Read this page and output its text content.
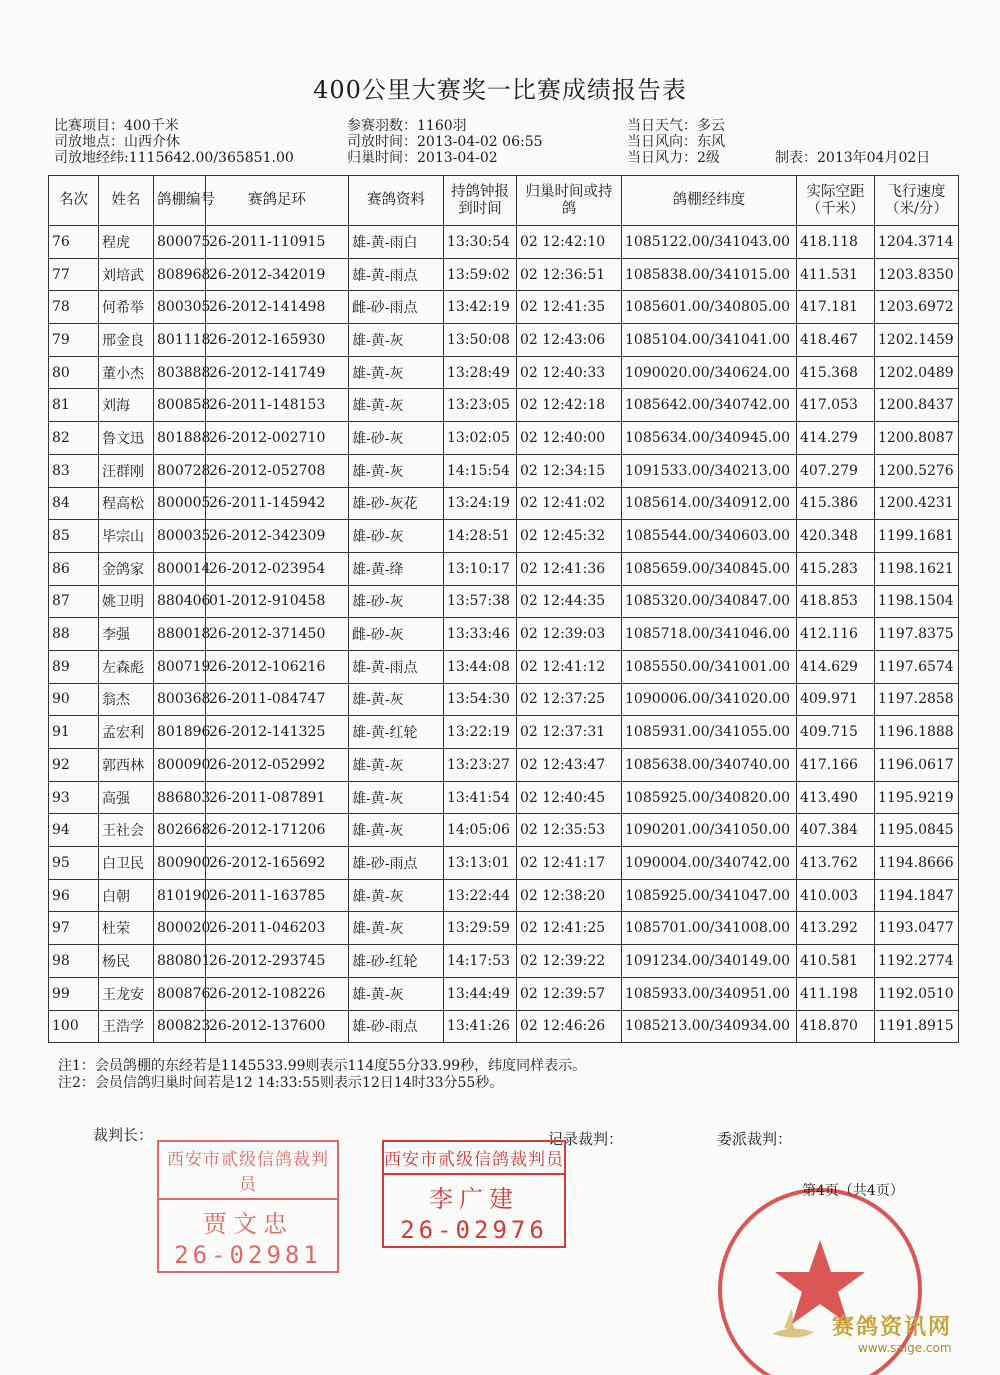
400公里大赛奖一比赛成绩报告表
比赛项目：400千米
司放地点：山西介休
司放地经纬:1115642.00/365851.00
参赛羽数：1160羽
司放时间：2013-04-02 06:55
归巢时间：2013-04-02
当日天气：多云
当日风向：东风
当日风力：2级	制表：2013年04月02日
名次	姓名	鸽棚编号	赛鸽足环	赛鸽资料	持鸽钟报到时间	归巢时间或持鸽	鸽棚经纬度	实际空距（千米）	飞行速度（米/分）
76	程虎	800075	26-2011-110915	雄-黄-雨白	13:30:54	02 12:42:10	1085122.00/341043.00	418.118	1204.3714
77	刘培武	808968	26-2012-342019	雄-黄-雨点	13:59:02	02 12:36:51	1085838.00/341015.00	411.531	1203.8350
78	何希举	800305	26-2012-141498	雌-砂-雨点	13:42:19	02 12:41:35	1085601.00/340805.00	417.181	1203.6972
79	邢金良	801118	26-2012-165930	雄-黄-灰	13:50:08	02 12:43:06	1085104.00/341041.00	418.467	1202.1459
80	董小杰	803888	26-2012-141749	雄-黄-灰	13:28:49	02 12:40:33	1090020.00/340624.00	415.368	1202.0489
81	刘海	800858	26-2011-148153	雄-黄-灰	13:23:05	02 12:42:18	1085642.00/340742.00	417.053	1200.8437
82	鲁文迅	801888	26-2012-002710	雄-砂-灰	13:02:05	02 12:40:00	1085634.00/340945.00	414.279	1200.8087
83	汪群刚	800728	26-2012-052708	雄-黄-灰	14:15:54	02 12:34:15	1091533.00/340213.00	407.279	1200.5276
84	程高松	800005	26-2011-145942	雄-砂-灰花	13:24:19	02 12:41:02	1085614.00/340912.00	415.386	1200.4231
85	毕宗山	800035	26-2012-342309	雄-砂-灰	14:28:51	02 12:45:32	1085544.00/340603.00	420.348	1199.1681
86	金鸽家	800014	26-2012-023954	雄-黄-绛	13:10:17	02 12:41:36	1085659.00/340845.00	415.283	1198.1621
87	姚卫明	880406	01-2012-910458	雄-砂-灰	13:57:38	02 12:44:35	1085320.00/340847.00	418.853	1198.1504
88	李强	880018	26-2012-371450	雌-砂-灰	13:33:46	02 12:39:03	1085718.00/341046.00	412.116	1197.8375
89	左森彪	800719	26-2012-106216	雄-黄-雨点	13:44:08	02 12:41:12	1085550.00/341001.00	414.629	1197.6574
90	翁杰	800368	26-2011-084747	雄-黄-灰	13:54:30	02 12:37:25	1090006.00/341020.00	409.971	1197.2858
91	孟宏利	801896	26-2012-141325	雄-黄-红轮	13:22:19	02 12:37:31	1085931.00/341055.00	409.715	1196.1888
92	郭西林	800090	26-2012-052992	雄-黄-灰	13:23:27	02 12:43:47	1085638.00/340740.00	417.166	1196.0617
93	高强	886803	26-2011-087891	雄-黄-灰	13:41:54	02 12:40:45	1085925.00/340820.00	413.490	1195.9219
94	王社会	802668	26-2012-171206	雄-黄-灰	14:05:06	02 12:35:53	1090201.00/341050.00	407.384	1195.0845
95	白卫民	800900	26-2012-165692	雄-砂-雨点	13:13:01	02 12:41:17	1090004.00/340742.00	413.762	1194.8666
96	白朝	810190	26-2011-163785	雄-黄-灰	13:22:44	02 12:38:20	1085925.00/341047.00	410.003	1194.1847
97	杜荣	800020	26-2011-046203	雄-黄-灰	13:29:59	02 12:41:25	1085701.00/341008.00	413.292	1193.0477
98	杨民	880801	26-2012-293745	雄-砂-红轮	14:17:53	02 12:39:22	1091234.00/340149.00	410.581	1192.2774
99	王龙安	800876	26-2012-108226	雄-黄-灰	13:44:49	02 12:39:57	1085933.00/340951.00	411.198	1192.0510
100	王浩学	800823	26-2012-137600	雄-砂-雨点	13:41:26	02 12:46:26	1085213.00/340934.00	418.870	1191.8915
注1：会员鸽棚的东经若是1145533.99则表示114度55分33.99秒，纬度同样表示。
注2：会员信鸽归巢时间若是12 14:33:55则表示12日14时33分55秒。
裁判长：	记录裁判：	委派裁判：
西安市贰级信鸽裁判员
贾文忠
26-02981
西安市贰级信鸽裁判员
李广建
26-02976
第4页（共4页）
赛鸽资讯网
www.saige.com
